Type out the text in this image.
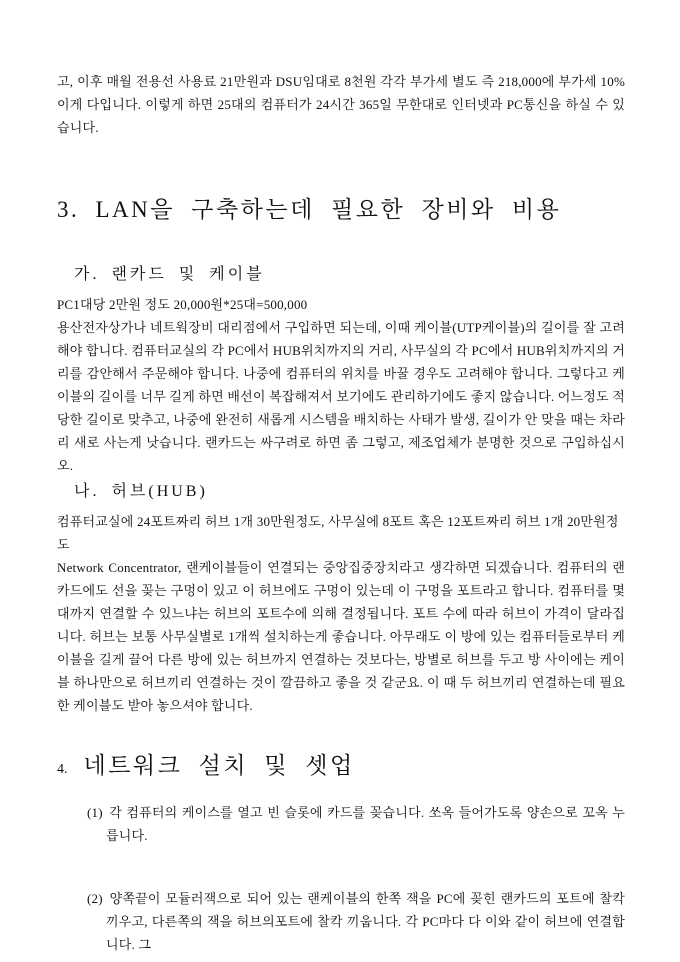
고, 이후 매월 전용선 사용료 21만원과 DSU임대로 8천원 각각 부가세 별도 즉 218,000에 부가세 10% 이게 다입니다. 이렇게 하면 25대의 컴퓨터가 24시간 365일 무한대로 인터넷과 PC통신을 하실 수 있습니다.

3. LAN을 구축하는데 필요한 장비와 비용
가. 랜카드 및 케이블

PC1대당 2만원 정도 20,000원*25대=500,000

용산전자상가나 네트웍장비 대리점에서 구입하면 되는데, 이때 케이블(UTP케이블)의 길이를 잘 고려해야 합니다. 컴퓨터교실의 각 PC에서 HUB위치까지의 거리, 사무실의 각 PC에서 HUB위치까지의 거리를 감안해서 주문해야 합니다. 나중에 컴퓨터의 위치를 바꿀 경우도 고려해야 합니다. 그렇다고 케이블의 길이를 너무 길게 하면 배선이 복잡해져서 보기에도 관리하기에도 좋지 않습니다. 어느정도 적당한 길이로 맞추고, 나중에 완전히 새롭게 시스템을 배치하는 사태가 발생, 길이가 안 맞을 때는 차라리 새로 사는게 낫습니다. 랜카드는 싸구려로 하면 좀 그렇고, 제조업체가 분명한 것으로 구입하십시오.

나. 허브(HUB)

컴퓨터교실에 24포트짜리 허브 1개 30만원정도, 사무실에 8포트 혹은 12포트짜리 허브 1개 20만원정도

Network Concentrator, 랜케이블들이 연결되는 중앙집중장치라고 생각하면 되겠습니다. 컴퓨터의 랜카드에도 선을 꽂는 구멍이 있고 이 허브에도 구멍이 있는데 이 구멍을 포트라고 합니다. 컴퓨터를 몇대까지 연결할 수 있느냐는 허브의 포트수에 의해 결정됩니다. 포트 수에 따라 허브이 가격이 달라집니다. 허브는 보통 사무실별로 1개씩 설치하는게 좋습니다. 아무래도 이 방에 있는 컴퓨터들로부터 케이블을 길게 끌어 다른 방에 있는 허브까지 연결하는 것보다는, 방별로 허브를 두고 방 사이에는 케이블 하나만으로 허브끼리 연결하는 것이 깔끔하고 좋을 것 같군요. 이 때 두 허브끼리 연결하는데 필요한 케이블도 받아 놓으셔야 합니다.

4. 네트워크 설치 및 셋업

(1) 각 컴퓨터의 케이스를 열고 빈 슬롯에 카드를 꽂습니다. 쏘옥 들어가도록 양손으로 꼬옥 누릅니다.

(2) 양쪽끝이 모듈러잭으로 되어 있는 랜케이블의 한쪽 잭을 PC에 꽂힌 랜카드의 포트에 찰칵 끼우고, 다른쪽의 잭을 허브의포트에 찰칵 끼웁니다. 각 PC마다 다 이와 같이 허브에 연결합니다. 그
